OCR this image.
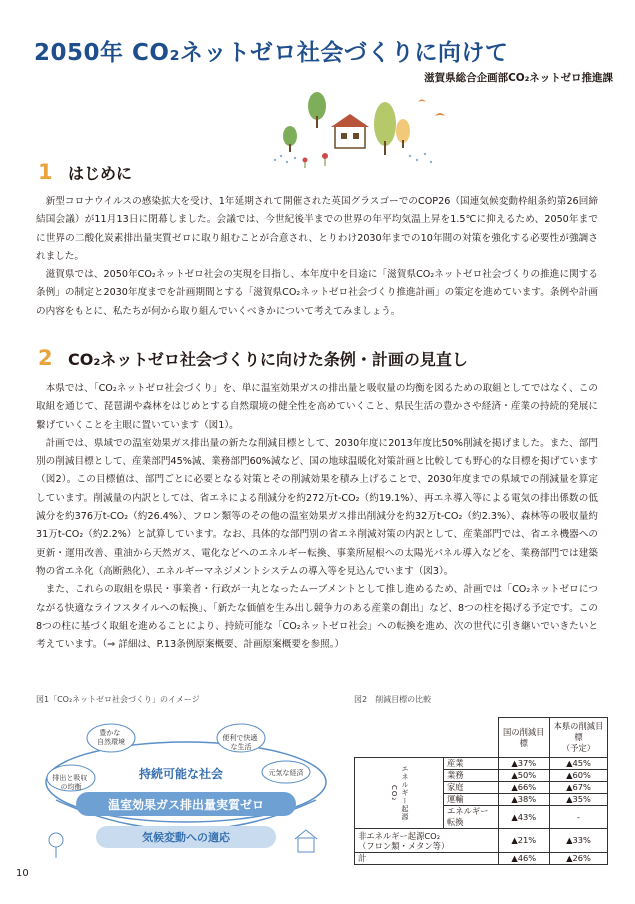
2050年 CO₂ネットゼロ社会づくりに向けて
滋賀県総合企画部CO₂ネットゼロ推進課
1 はじめに

新型コロナウイルスの感染拡大を受け、1年延期されて開催された英国グラスゴーでのCOP26（国連気候変動枠組条約第26回締結国会議）が11月13日に閉幕しました。会議では、今世紀後半までの世界の年平均気温上昇を1.5℃に抑えるため、2050年までに世界の二酸化炭素排出量実質ゼロに取り組むことが合意され、とりわけ2030年までの10年間の対策を強化する必要性が強調されました。

滋賀県では、2050年CO₂ネットゼロ社会の実現を目指し、本年度中を目途に「滋賀県CO₂ネットゼロ社会づくりの推進に関する条例」の制定と2030年度までを計画期間とする「滋賀県CO₂ネットゼロ社会づくり推進計画」の策定を進めています。条例や計画の内容をもとに、私たちが何から取り組んでいくべきかについて考えてみましょう。

2 CO₂ネットゼロ社会づくりに向けた条例・計画の見直し

本県では、「CO₂ネットゼロ社会づくり」を、単に温室効果ガスの排出量と吸収量の均衡を図るための取組としてではなく、この取組を通じて、琵琶湖や森林をはじめとする自然環境の健全性を高めていくこと、県民生活の豊かさや経済・産業の持続的発展に繋げていくことを主眼に置いています（図1）。

計画では、県域での温室効果ガス排出量の新たな削減目標として、2030年度に2013年度比50%削減を掲げました。また、部門別の削減目標として、産業部門45%減、業務部門60%減など、国の地球温暖化対策計画と比較しても野心的な目標を掲げています（図2）。この目標値は、部門ごとに必要となる対策とその削減効果を積み上げることで、2030年度までの県域での削減量を算定しています。削減量の内訳としては、省エネによる削減分を約272万t-CO₂（約19.1%）、再エネ導入等による電気の排出係数の低減分を約376万t-CO₂（約26.4%）、フロン類等のその他の温室効果ガス排出削減分を約32万t-CO₂（約2.3%）、森林等の吸収量約31万t-CO₂（約2.2%）と試算しています。なお、具体的な部門別の省エネ削減対策の内訳として、産業部門では、省エネ機器への更新・運用改善、重油から天然ガス、電化などへのエネルギー転換、事業所屋根への太陽光パネル導入などを、業務部門では建築物の省エネ化（高断熱化）、エネルギーマネジメントシステムの導入等を見込んでいます（図3）。

また、これらの取組を県民・事業者・行政が一丸となったムーブメントとして推し進めるため、計画では「CO₂ネットゼロにつながる快適なライフスタイルへの転換」、「新たな価値を生み出し競争力のある産業の創出」など、8つの柱を掲げる予定です。この8つの柱に基づく取組を進めることにより、持続可能な「CO₂ネットゼロ社会」への転換を進め、次の世代に引き継いでいきたいと考えています。（⇒ 詳細は、P.13条例原案概要、計画原案概要を参照。）

図1「CO₂ネットゼロ社会づくり」のイメージ
豊かな 自然環境	便利で快適 な生活
排出と吸収 の均衡
元気な経済
持続可能な社会
温室効果ガス排出量実質ゼロ
気候変動への適応
図2　削減目標の比較
		国の削減目標	本県の削減目標
（予定）
エネルギー起源CO₂	産業	▲37%	▲45%
	業務	▲50%	▲60%
	家庭	▲66%	▲67%
	運輸	▲38%	▲35%
	エネルギー転換	▲43%	-
非エネルギー起源CO₂
（フロン類・メタン等）		▲21%	▲33%
計		▲46%	▲26%
10
